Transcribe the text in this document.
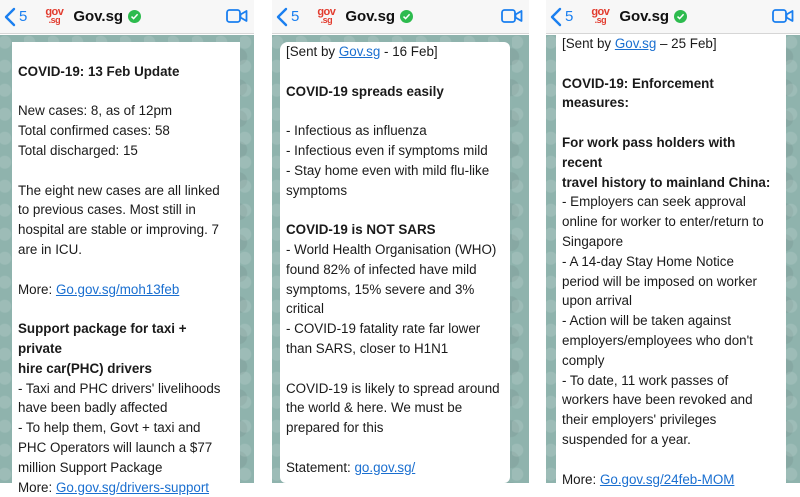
5 gov
.sg Gov.sg

COVID-19: 13 Feb Update

New cases: 8, as of 12pm

Total confirmed cases: 58

Total discharged: 15

The eight new cases are all linked

to previous cases. Most still in

hospital are stable or improving. 7

are in ICU.

More: Go.gov.sg/moh13feb

Support package for taxi + private

hire car(PHC) drivers

- Taxi and PHC drivers' livelihoods

have been badly affected

- To help them, Govt + taxi and

PHC Operators will launch a $77

million Support Package

More: Go.gov.sg/drivers-support

5 gov
.sg Gov.sg

[Sent by Gov.sg - 16 Feb]

COVID-19 spreads easily

- Infectious as influenza

- Infectious even if symptoms mild

- Stay home even with mild flu-like

symptoms

COVID-19 is NOT SARS

- World Health Organisation (WHO)

found 82% of infected have mild

symptoms, 15% severe and 3%

critical

- COVID-19 fatality rate far lower

than SARS, closer to H1N1

COVID-19 is likely to spread around

the world & here. We must be

prepared for this

Statement: go.gov.sg/

5 gov
.sg Gov.sg

[Sent by Gov.sg – 25 Feb]

COVID-19: Enforcement

measures:

For work pass holders with recent

travel history to mainland China:

- Employers can seek approval

online for worker to enter/return to

Singapore

- A 14-day Stay Home Notice

period will be imposed on worker

upon arrival

- Action will be taken against

employers/employees who don't

comply

- To date, 11 work passes of

workers have been revoked and

their employers' privileges

suspended for a year.

More: Go.gov.sg/24feb-MOM
